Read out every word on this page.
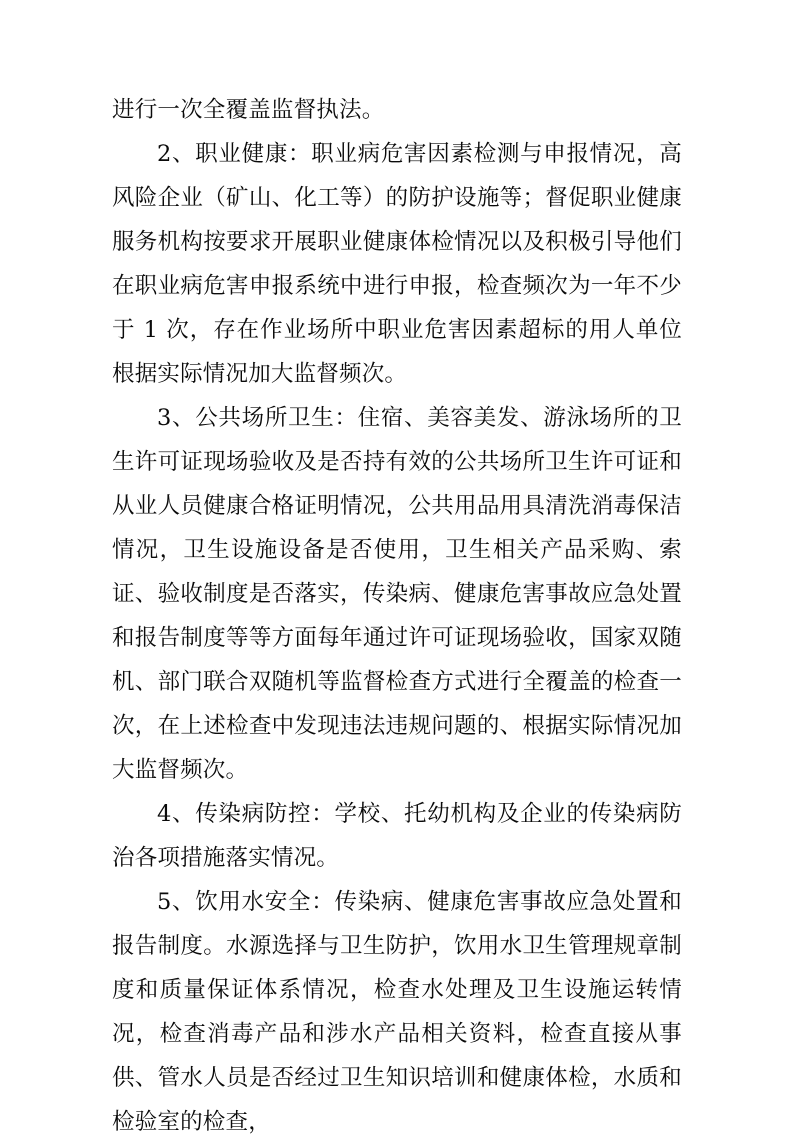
进行一次全覆盖监督执法。

2、职业健康：职业病危害因素检测与申报情况，高风险企业（矿山、化工等）的防护设施等；督促职业健康服务机构按要求开展职业健康体检情况以及积极引导他们在职业病危害申报系统中进行申报，检查频次为一年不少于 1 次，存在作业场所中职业危害因素超标的用人单位根据实际情况加大监督频次。

3、公共场所卫生：住宿、美容美发、游泳场所的卫生许可证现场验收及是否持有效的公共场所卫生许可证和从业人员健康合格证明情况，公共用品用具清洗消毒保洁情况，卫生设施设备是否使用，卫生相关产品采购、索证、验收制度是否落实，传染病、健康危害事故应急处置和报告制度等等方面每年通过许可证现场验收，国家双随机、部门联合双随机等监督检查方式进行全覆盖的检查一次，在上述检查中发现违法违规问题的、根据实际情况加大监督频次。

4、传染病防控：学校、托幼机构及企业的传染病防治各项措施落实情况。

5、饮用水安全：传染病、健康危害事故应急处置和报告制度。水源选择与卫生防护，饮用水卫生管理规章制度和质量保证体系情况，检查水处理及卫生设施运转情况，检查消毒产品和涉水产品相关资料，检查直接从事供、管水人员是否经过卫生知识培训和健康体检，水质和检验室的检查，
